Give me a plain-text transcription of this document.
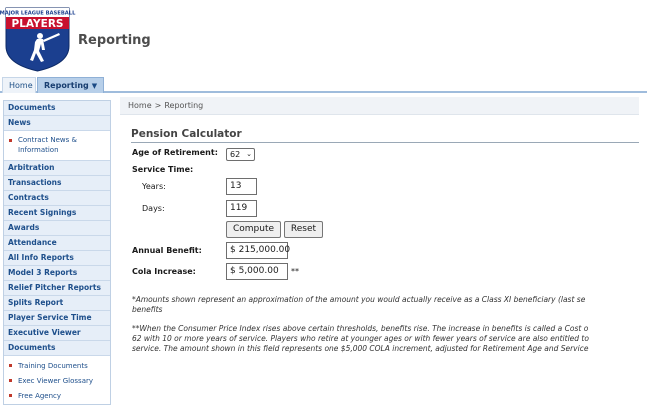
MAJOR LEAGUE BASEBALL
PLAYERS
Reporting
Home	Reporting ▼
Documents
News
Contract News & Information
Arbitration
Transactions
Contracts
Recent Signings
Awards
Attendance
All Info Reports
Model 3 Reports
Relief Pitcher Reports
Splits Report
Player Service Time
Executive Viewer
Documents
Training Documents
Exec Viewer Glossary
Free Agency
Home > Reporting
Pension Calculator
Age of Retirement:	62 ⌄
Service Time:
Years:	13
Days:	119
Compute	Reset
Annual Benefit:	$ 215,000.00
Cola Increase:	$ 5,000.00	**
*Amounts shown represent an approximation of the amount you would actually receive as a Class XI beneficiary (last se
benefits
**When the Consumer Price Index rises above certain thresholds, benefits rise. The increase in benefits is called a Cost o
62 with 10 or more years of service. Players who retire at younger ages or with fewer years of service are also entitled to
service. The amount shown in this field represents one $5,000 COLA increment, adjusted for Retirement Age and Service
